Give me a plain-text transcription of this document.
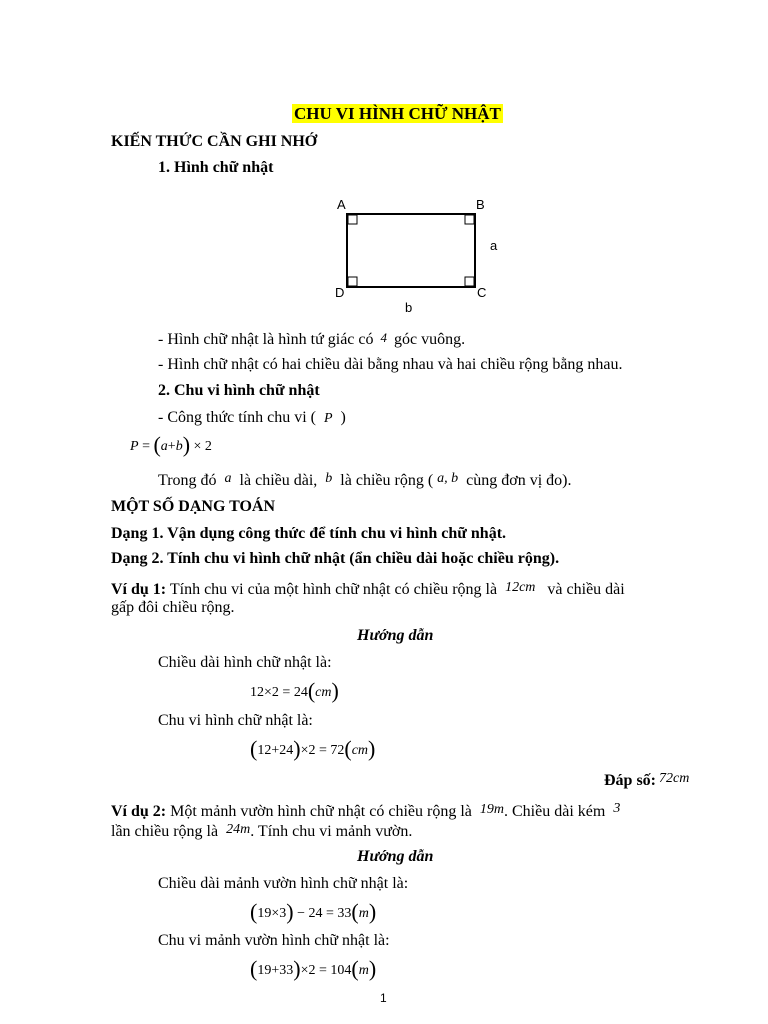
CHU VI HÌNH CHỮ NHẬT
KIẾN THỨC CẦN GHI NHỚ
1. Hình chữ nhật
A	B
C
D
a
b
- Hình chữ nhật là hình tứ giác có 4 góc vuông.
- Hình chữ nhật có hai chiều dài bằng nhau và hai chiều rộng bằng nhau.
2. Chu vi hình chữ nhật
- Công thức tính chu vi ( P )
P = (a+b) × 2
Trong đó a là chiều dài, b là chiều rộng ( a, b cùng đơn vị đo).
MỘT SỐ DẠNG TOÁN
Dạng 1. Vận dụng công thức để tính chu vi hình chữ nhật.
Dạng 2. Tính chu vi hình chữ nhật (ẩn chiều dài hoặc chiều rộng).
Ví dụ 1: Tính chu vi của một hình chữ nhật có chiều rộng là 12cm và chiều dài
gấp đôi chiều rộng.
Hướng dẫn
Chiều dài hình chữ nhật là:
12×2 = 24(cm)
Chu vi hình chữ nhật là:
(12+24)×2 = 72(cm)
Đáp số: 72cm
Ví dụ 2: Một mảnh vườn hình chữ nhật có chiều rộng là 19m. Chiều dài kém 3
lần chiều rộng là 24m. Tính chu vi mảnh vườn.
Hướng dẫn
Chiều dài mảnh vườn hình chữ nhật là:
(19×3) − 24 = 33(m)
Chu vi mảnh vườn hình chữ nhật là:
(19+33)×2 = 104(m)
1
